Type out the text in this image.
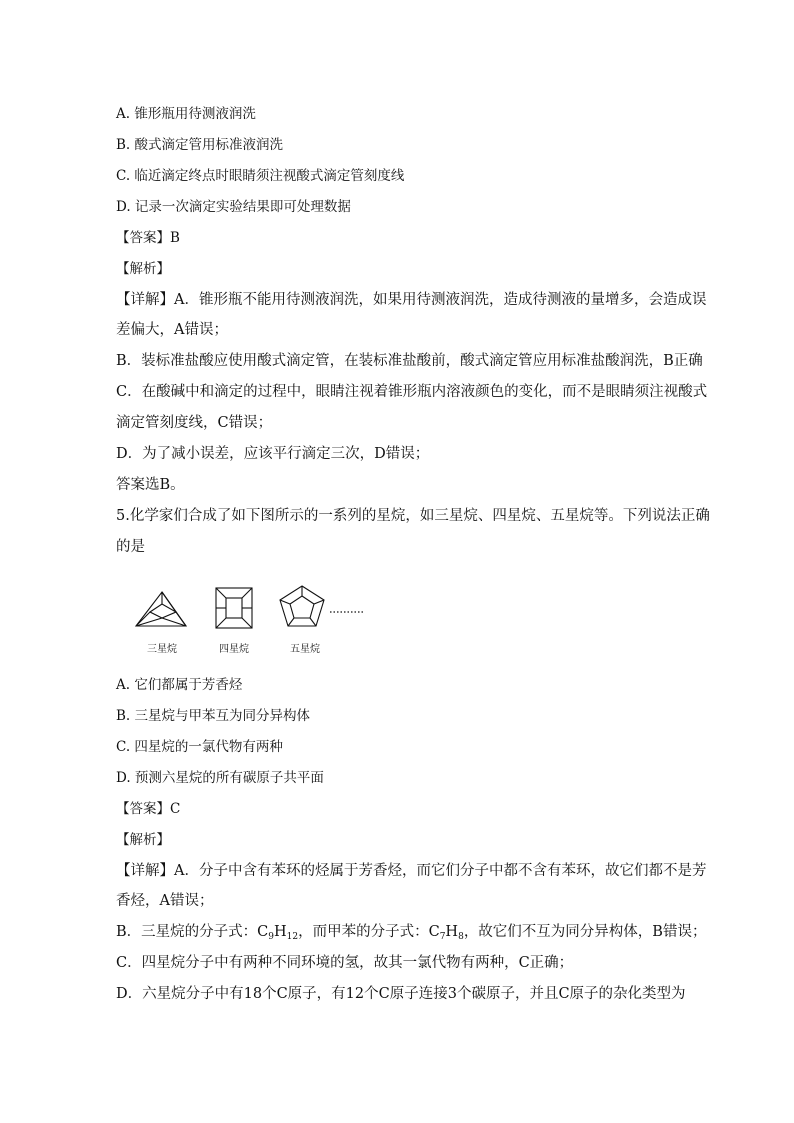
A. 锥形瓶用待测液润洗
B. 酸式滴定管用标准液润洗
C. 临近滴定终点时眼睛须注视酸式滴定管刻度线
D. 记录一次滴定实验结果即可处理数据
【答案】B
【解析】
【详解】A．锥形瓶不能用待测液润洗，如果用待测液润洗，造成待测液的量增多，会造成误
差偏大，A错误；
B．装标准盐酸应使用酸式滴定管，在装标准盐酸前，酸式滴定管应用标准盐酸润洗，B正确
C．在酸碱中和滴定的过程中，眼睛注视着锥形瓶内溶液颜色的变化，而不是眼睛须注视酸式
滴定管刻度线，C错误；
D．为了减小误差，应该平行滴定三次，D错误；
答案选B。
5.化学家们合成了如下图所示的一系列的星烷，如三星烷、四星烷、五星烷等。下列说法正确
的是
三星烷	四星烷	五星烷
A. 它们都属于芳香烃
B. 三星烷与甲苯互为同分异构体
C. 四星烷的一氯代物有两种
D. 预测六星烷的所有碳原子共平面
【答案】C
【解析】
【详解】A．分子中含有苯环的烃属于芳香烃，而它们分子中都不含有苯环，故它们都不是芳
香烃，A错误；
B．三星烷的分子式：$C_9H_{12}$，而甲苯的分子式：$C_7H_8$，故它们不互为同分异构体，B错误；
C．四星烷分子中有两种不同环境的氢，故其一氯代物有两种，C正确；
D．六星烷分子中有18个C原子，有12个C原子连接3个碳原子，并且C原子的杂化类型为
